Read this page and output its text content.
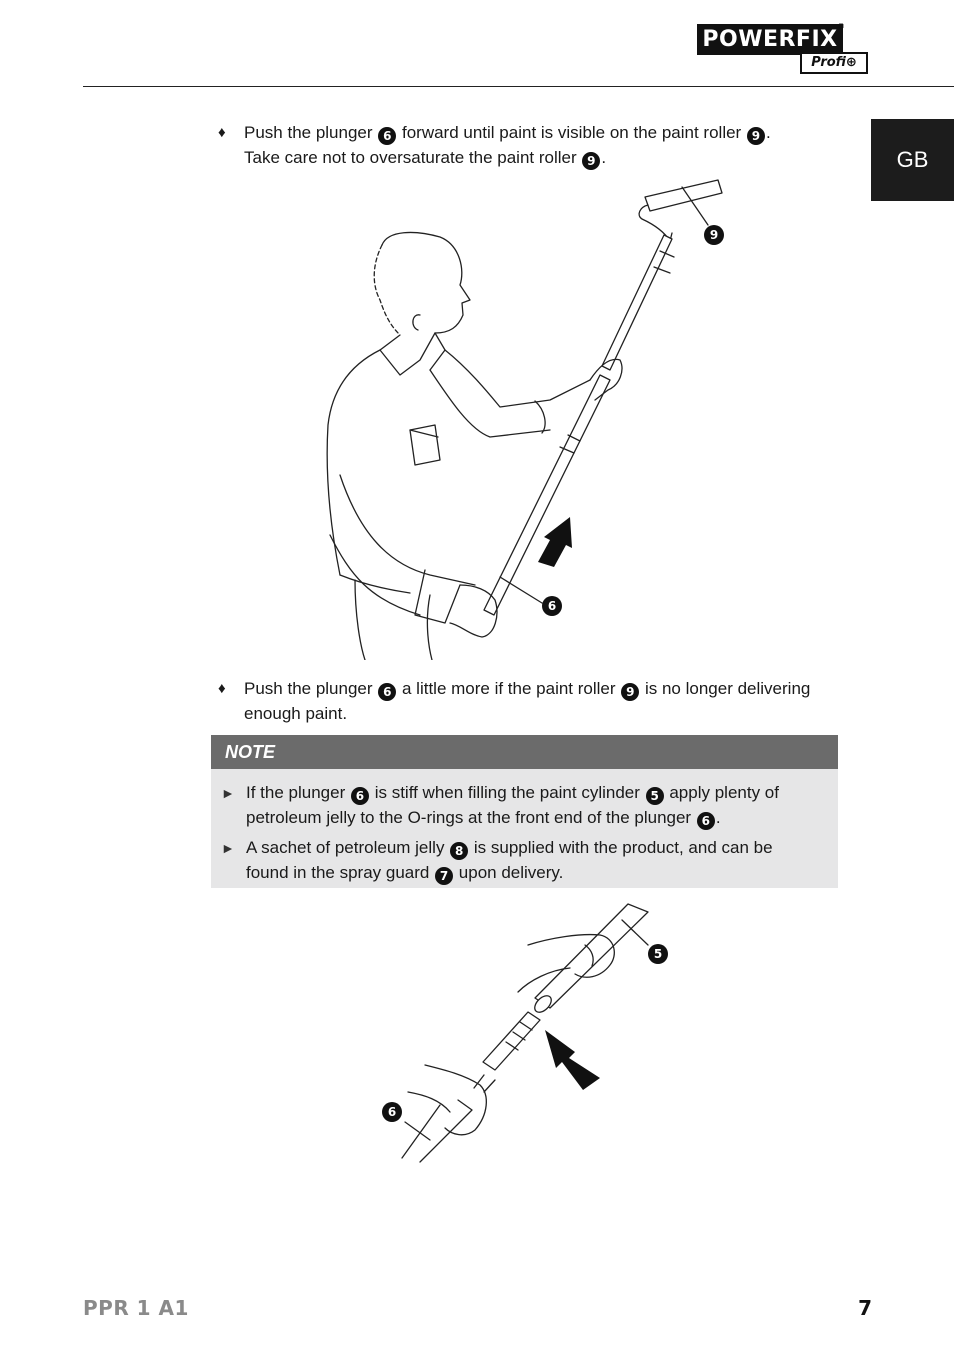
POWERFIX
®
Profi⊕
GB
♦ Push the plunger 6 forward until paint is visible on the paint roller 9 .
Take care not to oversaturate the paint roller 9 .
9
6
♦ Push the plunger 6 a little more if the paint roller 9 is no longer delivering
enough paint.
NOTE
► If the plunger 6 is stiff when filling the paint cylinder 5 apply plenty of
petroleum jelly to the O-rings at the front end of the plunger 6 .
► A sachet of petroleum jelly 8 is supplied with the product, and can be
found in the spray guard 7 upon delivery.
5
6
PPR 1 A1	7
